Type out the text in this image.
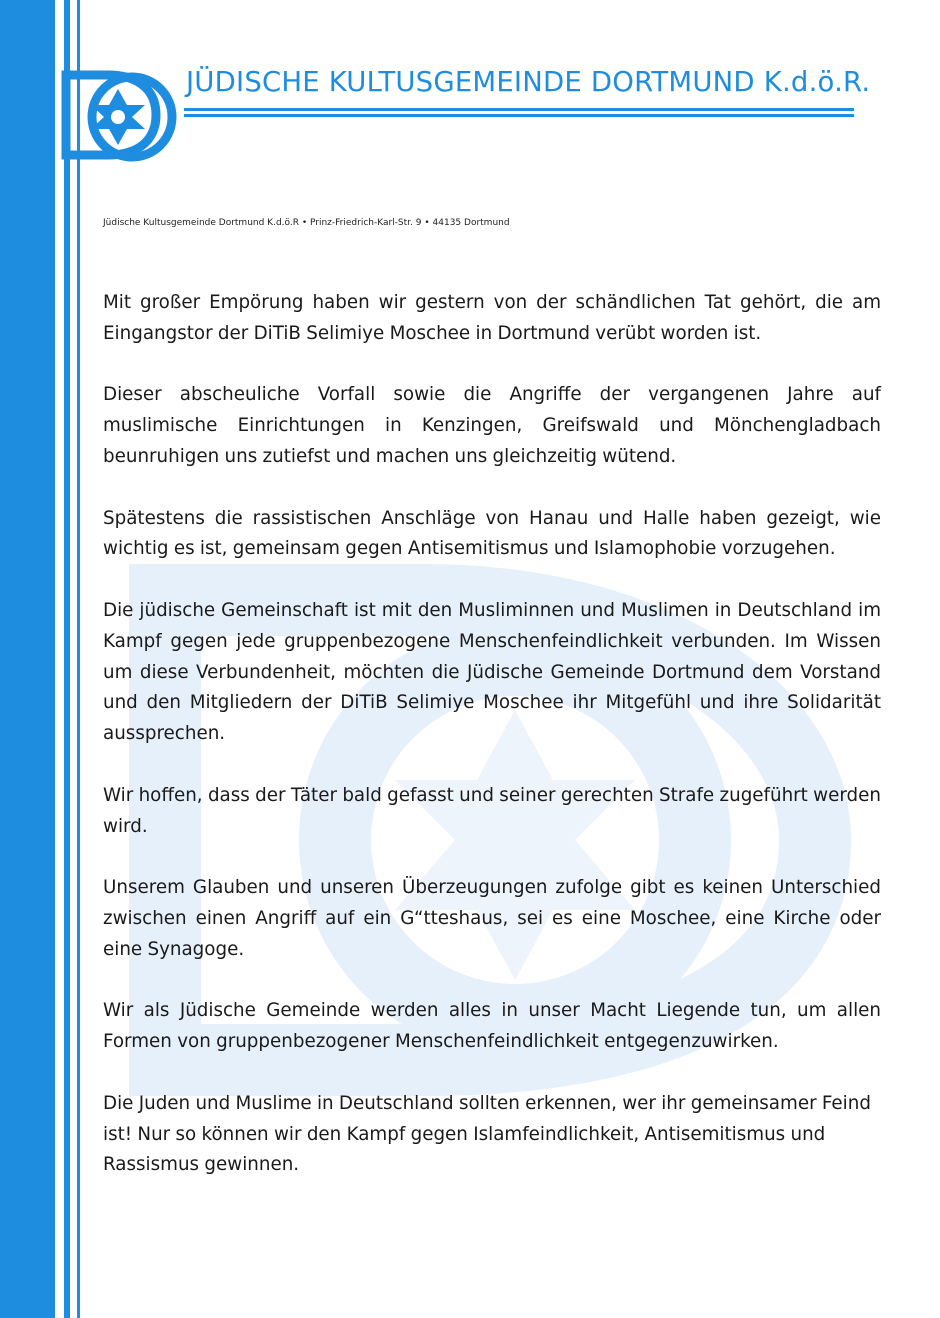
JÜDISCHE KULTUSGEMEINDE DORTMUND K.d.ö.R.

Jüdische Kultusgemeinde Dortmund K.d.ö.R • Prinz-Friedrich-Karl-Str. 9 • 44135 Dortmund

Mit großer Empörung haben wir gestern von der schändlichen Tat gehört, die am Eingangstor der DiTiB Selimiye Moschee in Dortmund verübt worden ist.

Dieser abscheuliche Vorfall sowie die Angriffe der vergangenen Jahre auf muslimische Einrichtungen in Kenzingen, Greifswald und Mönchengladbach beunruhigen uns zutiefst und machen uns gleichzeitig wütend.

Spätestens die rassistischen Anschläge von Hanau und Halle haben gezeigt, wie wichtig es ist, gemeinsam gegen Antisemitismus und Islamophobie vorzugehen.

Die jüdische Gemeinschaft ist mit den Musliminnen und Muslimen in Deutschland im Kampf gegen jede gruppenbezogene Menschenfeindlichkeit verbunden. Im Wissen um diese Verbundenheit, möchten die Jüdische Gemeinde Dortmund dem Vorstand und den Mitgliedern der DiTiB Selimiye Moschee ihr Mitgefühl und ihre Solidarität aussprechen.

Wir hoffen, dass der Täter bald gefasst und seiner gerechten Strafe zugeführt werden wird.

Unserem Glauben und unseren Überzeugungen zufolge gibt es keinen Unterschied zwischen einen Angriff auf ein G“tteshaus, sei es eine Moschee, eine Kirche oder eine Synagoge.

Wir als Jüdische Gemeinde werden alles in unser Macht Liegende tun, um allen Formen von gruppenbezogener Menschenfeindlichkeit entgegenzuwirken.

Die Juden und Muslime in Deutschland sollten erkennen, wer ihr gemeinsamer Feind ist! Nur so können wir den Kampf gegen Islamfeindlichkeit, Antisemitismus und Rassismus gewinnen.
